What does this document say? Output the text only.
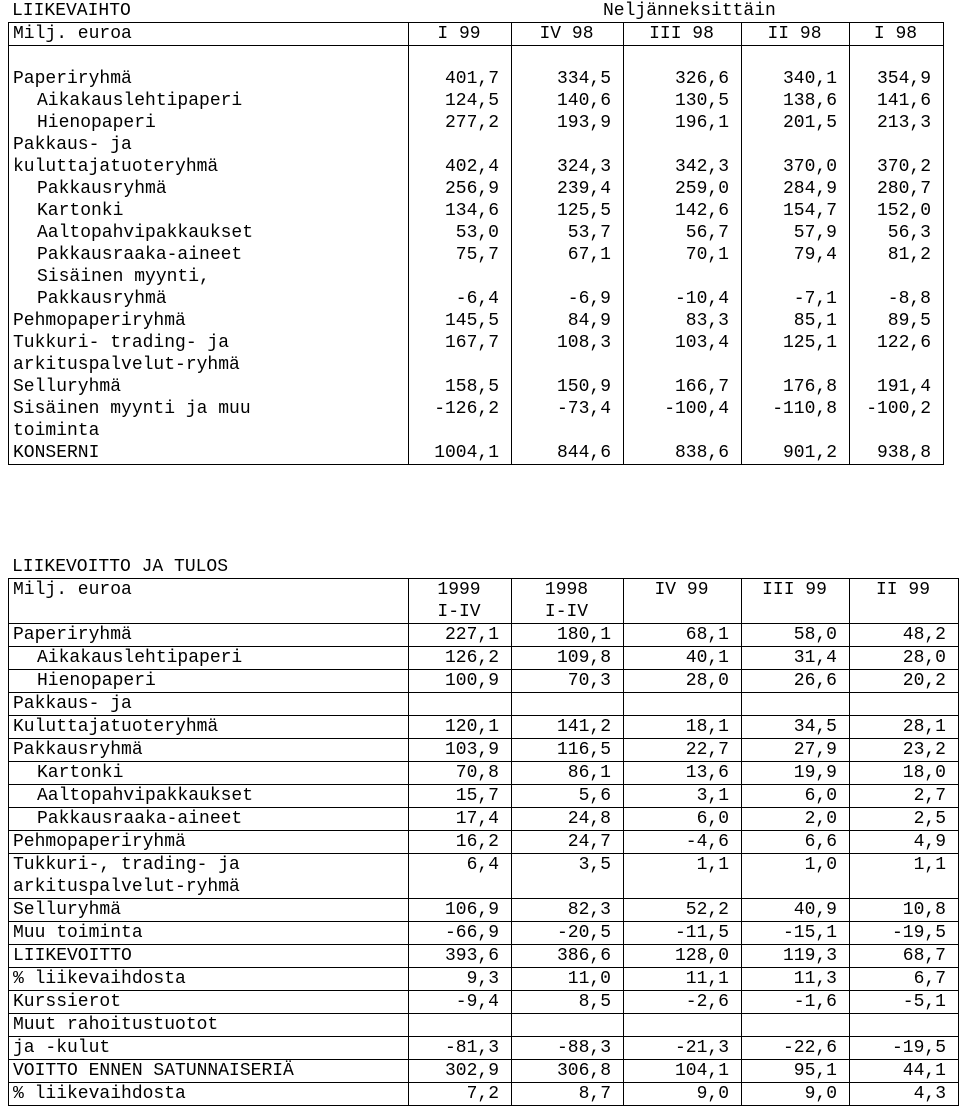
LIIKEVAIHTO	Neljänneksittäin
Milj. euroa	I 99	IV 98	III 98	II 98	I 98

Paperiryhmä	401,7	334,5	326,6	340,1	354,9
Aikakauslehtipaperi	124,5	140,6	130,5	138,6	141,6
Hienopaperi	277,2	193,9	196,1	201,5	213,3
Pakkaus- ja					
kuluttajatuoteryhmä	402,4	324,3	342,3	370,0	370,2
Pakkausryhmä	256,9	239,4	259,0	284,9	280,7
Kartonki	134,6	125,5	142,6	154,7	152,0
Aaltopahvipakkaukset	53,0	53,7	56,7	57,9	56,3
Pakkausraaka-aineet	75,7	67,1	70,1	79,4	81,2
Sisäinen myynti,					
Pakkausryhmä	-6,4	-6,9	-10,4	-7,1	-8,8
Pehmopaperiryhmä	145,5	84,9	83,3	85,1	89,5
Tukkuri- trading- ja	167,7	108,3	103,4	125,1	122,6
arkituspalvelut-ryhmä					
Selluryhmä	158,5	150,9	166,7	176,8	191,4
Sisäinen myynti ja muu	-126,2	-73,4	-100,4	-110,8	-100,2
toiminta					
KONSERNI	1004,1	844,6	838,6	901,2	938,8
LIIKEVOITTO JA TULOS
Milj. euroa	1999	1998	IV 99	III 99	II 99
	I-IV	I-IV			
Paperiryhmä	227,1	180,1	68,1	58,0	48,2
Aikakauslehtipaperi	126,2	109,8	40,1	31,4	28,0
Hienopaperi	100,9	70,3	28,0	26,6	20,2
Pakkaus- ja					
Kuluttajatuoteryhmä	120,1	141,2	18,1	34,5	28,1
Pakkausryhmä	103,9	116,5	22,7	27,9	23,2
Kartonki	70,8	86,1	13,6	19,9	18,0
Aaltopahvipakkaukset	15,7	5,6	3,1	6,0	2,7
Pakkausraaka-aineet	17,4	24,8	6,0	2,0	2,5
Pehmopaperiryhmä	16,2	24,7	-4,6	6,6	4,9
Tukkuri-, trading- ja
arkituspalvelut-ryhmä	6,4	3,5	1,1	1,0	1,1
Selluryhmä	106,9	82,3	52,2	40,9	10,8
Muu toiminta	-66,9	-20,5	-11,5	-15,1	-19,5
LIIKEVOITTO	393,6	386,6	128,0	119,3	68,7
% liikevaihdosta	9,3	11,0	11,1	11,3	6,7
Kurssierot	-9,4	8,5	-2,6	-1,6	-5,1
Muut rahoitustuotot					
ja -kulut	-81,3	-88,3	-21,3	-22,6	-19,5
VOITTO ENNEN SATUNNAISERIÄ	302,9	306,8	104,1	95,1	44,1
% liikevaihdosta	7,2	8,7	9,0	9,0	4,3
